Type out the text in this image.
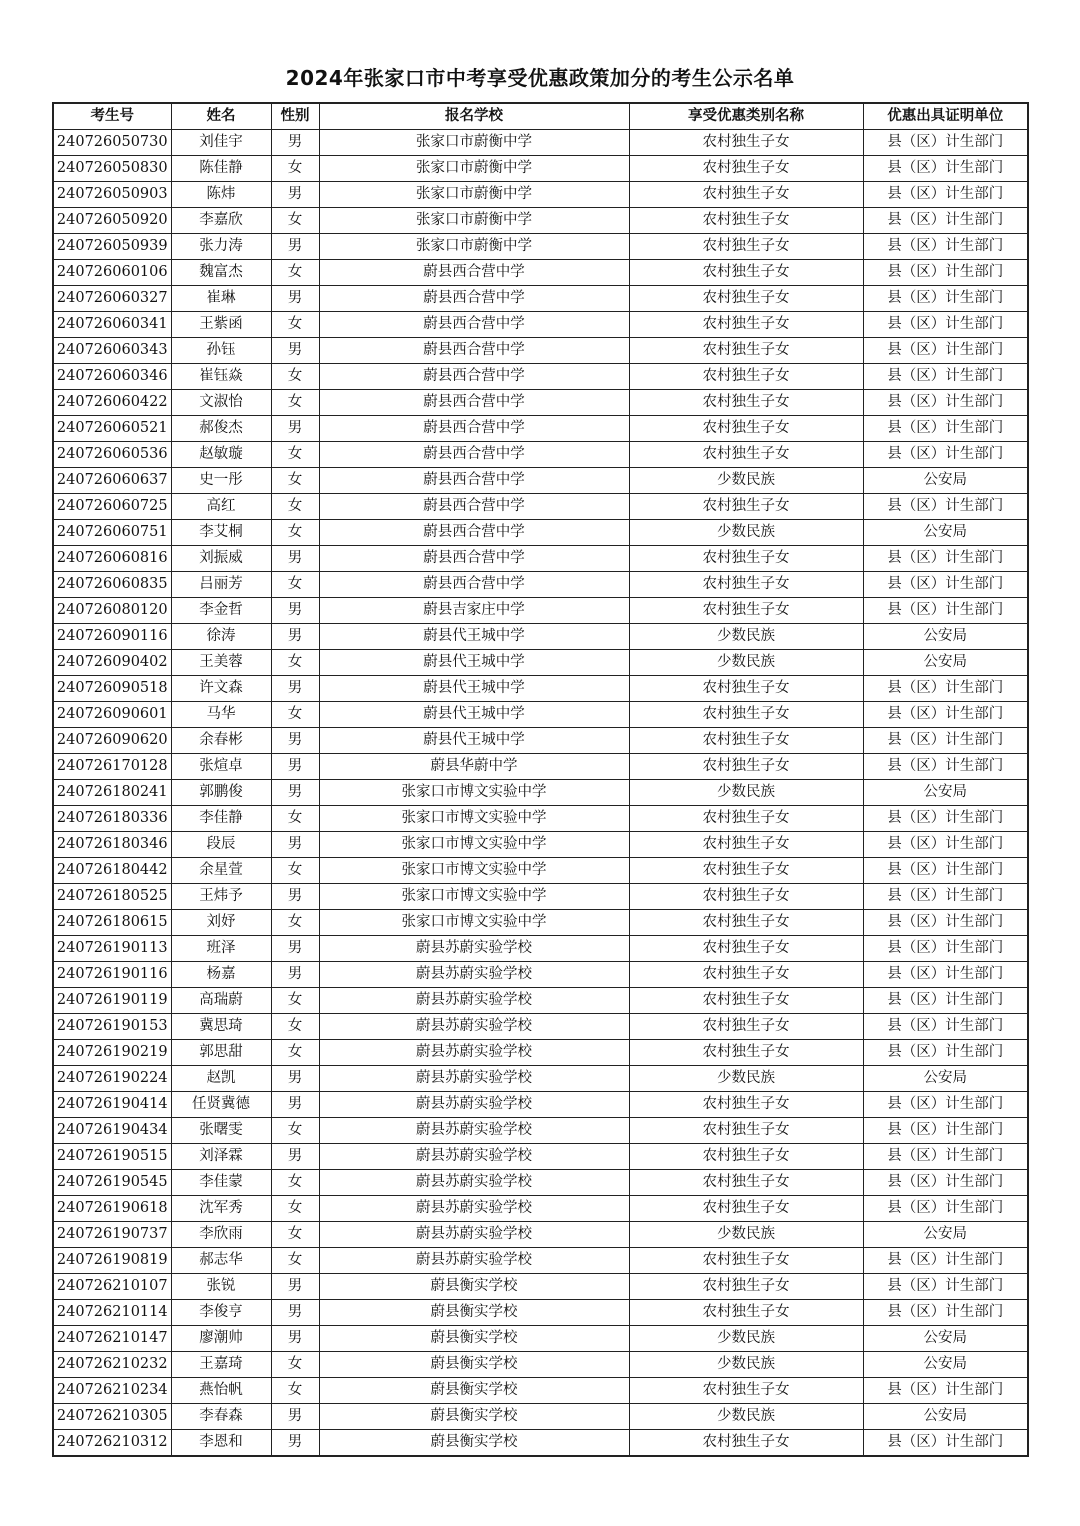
2024年张家口市中考享受优惠政策加分的考生公示名单
考生号	姓名	性别	报名学校	享受优惠类别名称	优惠出具证明单位
240726050730	刘佳宇	男	张家口市蔚衡中学	农村独生子女	县（区）计生部门
240726050830	陈佳静	女	张家口市蔚衡中学	农村独生子女	县（区）计生部门
240726050903	陈炜	男	张家口市蔚衡中学	农村独生子女	县（区）计生部门
240726050920	李嘉欣	女	张家口市蔚衡中学	农村独生子女	县（区）计生部门
240726050939	张力涛	男	张家口市蔚衡中学	农村独生子女	县（区）计生部门
240726060106	魏富杰	女	蔚县西合营中学	农村独生子女	县（区）计生部门
240726060327	崔琳	男	蔚县西合营中学	农村独生子女	县（区）计生部门
240726060341	王紫函	女	蔚县西合营中学	农村独生子女	县（区）计生部门
240726060343	孙钰	男	蔚县西合营中学	农村独生子女	县（区）计生部门
240726060346	崔钰焱	女	蔚县西合营中学	农村独生子女	县（区）计生部门
240726060422	文淑怡	女	蔚县西合营中学	农村独生子女	县（区）计生部门
240726060521	郝俊杰	男	蔚县西合营中学	农村独生子女	县（区）计生部门
240726060536	赵敏璇	女	蔚县西合营中学	农村独生子女	县（区）计生部门
240726060637	史一彤	女	蔚县西合营中学	少数民族	公安局
240726060725	高红	女	蔚县西合营中学	农村独生子女	县（区）计生部门
240726060751	李艾桐	女	蔚县西合营中学	少数民族	公安局
240726060816	刘振威	男	蔚县西合营中学	农村独生子女	县（区）计生部门
240726060835	吕丽芳	女	蔚县西合营中学	农村独生子女	县（区）计生部门
240726080120	李金哲	男	蔚县吉家庄中学	农村独生子女	县（区）计生部门
240726090116	徐涛	男	蔚县代王城中学	少数民族	公安局
240726090402	王美蓉	女	蔚县代王城中学	少数民族	公安局
240726090518	许文森	男	蔚县代王城中学	农村独生子女	县（区）计生部门
240726090601	马华	女	蔚县代王城中学	农村独生子女	县（区）计生部门
240726090620	余春彬	男	蔚县代王城中学	农村独生子女	县（区）计生部门
240726170128	张煊卓	男	蔚县华蔚中学	农村独生子女	县（区）计生部门
240726180241	郭鹏俊	男	张家口市博文实验中学	少数民族	公安局
240726180336	李佳静	女	张家口市博文实验中学	农村独生子女	县（区）计生部门
240726180346	段辰	男	张家口市博文实验中学	农村独生子女	县（区）计生部门
240726180442	余星萱	女	张家口市博文实验中学	农村独生子女	县（区）计生部门
240726180525	王炜予	男	张家口市博文实验中学	农村独生子女	县（区）计生部门
240726180615	刘妤	女	张家口市博文实验中学	农村独生子女	县（区）计生部门
240726190113	班泽	男	蔚县苏蔚实验学校	农村独生子女	县（区）计生部门
240726190116	杨嘉	男	蔚县苏蔚实验学校	农村独生子女	县（区）计生部门
240726190119	高瑞蔚	女	蔚县苏蔚实验学校	农村独生子女	县（区）计生部门
240726190153	冀思琦	女	蔚县苏蔚实验学校	农村独生子女	县（区）计生部门
240726190219	郭思甜	女	蔚县苏蔚实验学校	农村独生子女	县（区）计生部门
240726190224	赵凯	男	蔚县苏蔚实验学校	少数民族	公安局
240726190414	任贤冀德	男	蔚县苏蔚实验学校	农村独生子女	县（区）计生部门
240726190434	张曙雯	女	蔚县苏蔚实验学校	农村独生子女	县（区）计生部门
240726190515	刘泽霖	男	蔚县苏蔚实验学校	农村独生子女	县（区）计生部门
240726190545	李佳蒙	女	蔚县苏蔚实验学校	农村独生子女	县（区）计生部门
240726190618	沈军秀	女	蔚县苏蔚实验学校	农村独生子女	县（区）计生部门
240726190737	李欣雨	女	蔚县苏蔚实验学校	少数民族	公安局
240726190819	郝志华	女	蔚县苏蔚实验学校	农村独生子女	县（区）计生部门
240726210107	张锐	男	蔚县衡实学校	农村独生子女	县（区）计生部门
240726210114	李俊亨	男	蔚县衡实学校	农村独生子女	县（区）计生部门
240726210147	廖潮帅	男	蔚县衡实学校	少数民族	公安局
240726210232	王嘉琦	女	蔚县衡实学校	少数民族	公安局
240726210234	燕怡帆	女	蔚县衡实学校	农村独生子女	县（区）计生部门
240726210305	李春森	男	蔚县衡实学校	少数民族	公安局
240726210312	李恩和	男	蔚县衡实学校	农村独生子女	县（区）计生部门
